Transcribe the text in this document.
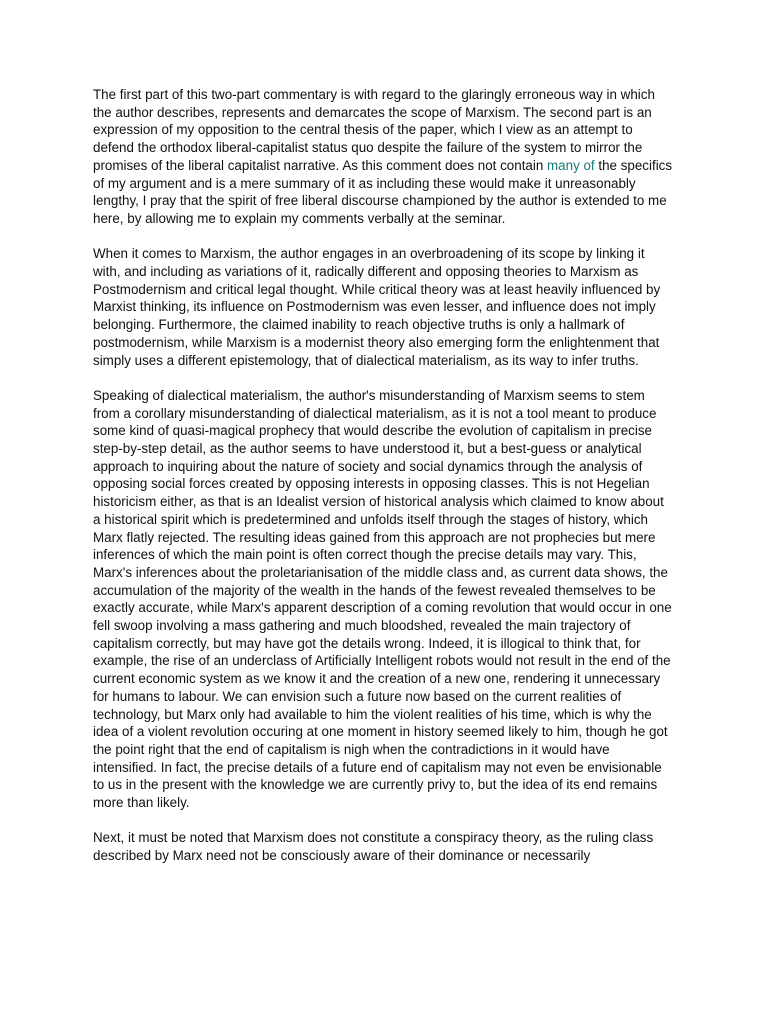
The first part of this two-part commentary is with regard to the glaringly erroneous way in which the author describes, represents and demarcates the scope of Marxism. The second part is an expression of my opposition to the central thesis of the paper, which I view as an attempt to defend the orthodox liberal-capitalist status quo despite the failure of the system to mirror the promises of the liberal capitalist narrative. As this comment does not contain many of the specifics of my argument and is a mere summary of it as including these would make it unreasonably lengthy, I pray that the spirit of free liberal discourse championed by the author is extended to me here, by allowing me to explain my comments verbally at the seminar.

When it comes to Marxism, the author engages in an overbroadening of its scope by linking it with, and including as variations of it, radically different and opposing theories to Marxism as Postmodernism and critical legal thought. While critical theory was at least heavily influenced by Marxist thinking, its influence on Postmodernism was even lesser, and influence does not imply belonging. Furthermore, the claimed inability to reach objective truths is only a hallmark of postmodernism, while Marxism is a modernist theory also emerging form the enlightenment that simply uses a different epistemology, that of dialectical materialism, as its way to infer truths.

Speaking of dialectical materialism, the author's misunderstanding of Marxism seems to stem from a corollary misunderstanding of dialectical materialism, as it is not a tool meant to produce some kind of quasi-magical prophecy that would describe the evolution of capitalism in precise step-by-step detail, as the author seems to have understood it, but a best-guess or analytical approach to inquiring about the nature of society and social dynamics through the analysis of opposing social forces created by opposing interests in opposing classes. This is not Hegelian historicism either, as that is an Idealist version of historical analysis which claimed to know about a historical spirit which is predetermined and unfolds itself through the stages of history, which Marx flatly rejected. The resulting ideas gained from this approach are not prophecies but mere inferences of which the main point is often correct though the precise details may vary. This, Marx's inferences about the proletarianisation of the middle class and, as current data shows, the accumulation of the majority of the wealth in the hands of the fewest revealed themselves to be exactly accurate, while Marx's apparent description of a coming revolution that would occur in one fell swoop involving a mass gathering and much bloodshed, revealed the main trajectory of capitalism correctly, but may have got the details wrong. Indeed, it is illogical to think that, for example, the rise of an underclass of Artificially Intelligent robots would not result in the end of the current economic system as we know it and the creation of a new one, rendering it unnecessary for humans to labour. We can envision such a future now based on the current realities of technology, but Marx only had available to him the violent realities of his time, which is why the idea of a violent revolution occuring at one moment in history seemed likely to him, though he got the point right that the end of capitalism is nigh when the contradictions in it would have intensified. In fact, the precise details of a future end of capitalism may not even be envisionable to us in the present with the knowledge we are currently privy to, but the idea of its end remains more than likely.

Next, it must be noted that Marxism does not constitute a conspiracy theory, as the ruling class described by Marx need not be consciously aware of their dominance or necessarily
